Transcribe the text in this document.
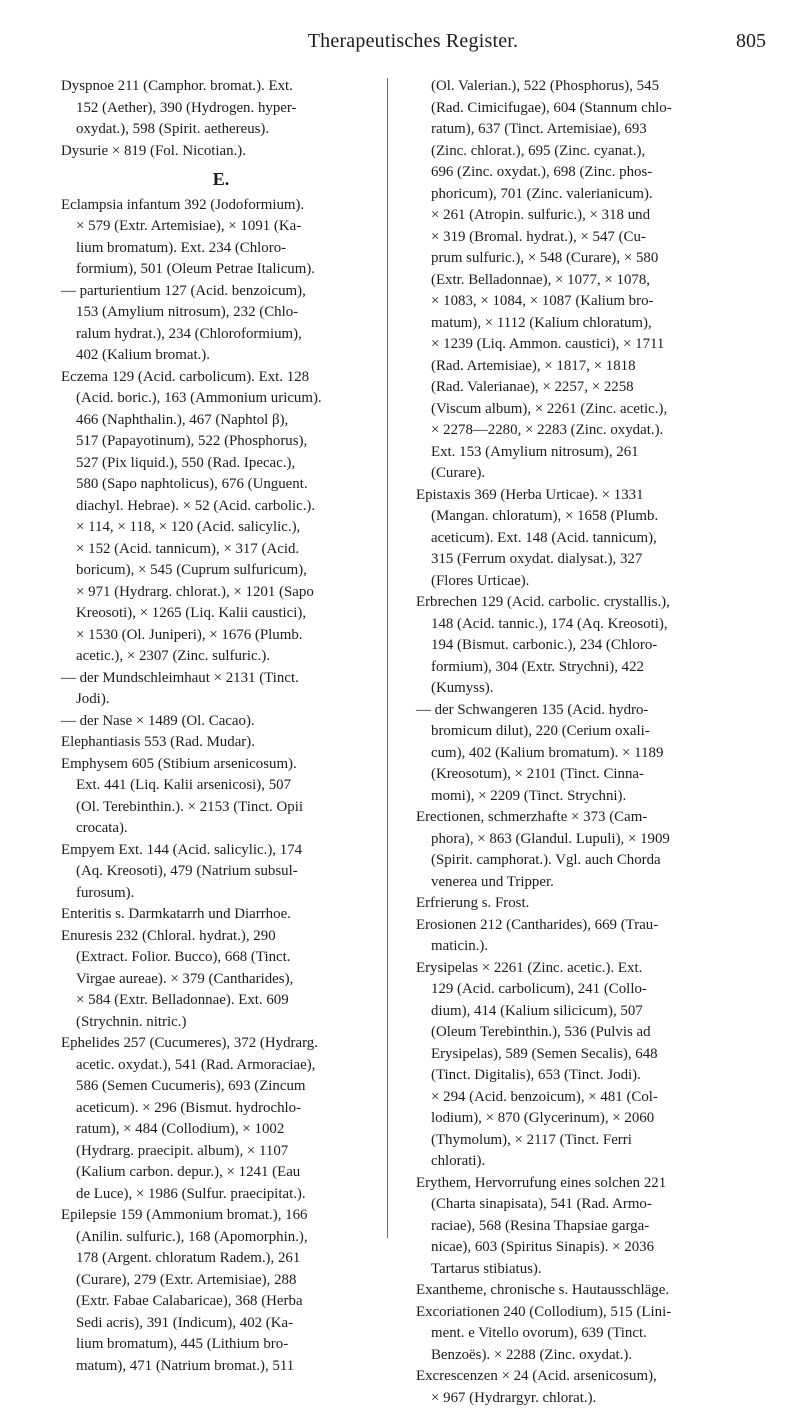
Therapeutisches Register.	805
Dyspnoe 211 (Camphor. bromat.). Ext.
152 (Aether), 390 (Hydrogen. hyper-
oxydat.), 598 (Spirit. aethereus).
Dysurie × 819 (Fol. Nicotian.).
E.
Eclampsia infantum 392 (Jodoformium).
× 579 (Extr. Artemisiae), × 1091 (Ka-
lium bromatum). Ext. 234 (Chloro-
formium), 501 (Oleum Petrae Italicum).
— parturientium 127 (Acid. benzoicum),
153 (Amylium nitrosum), 232 (Chlo-
ralum hydrat.), 234 (Chloroformium),
402 (Kalium bromat.).
Eczema 129 (Acid. carbolicum). Ext. 128
(Acid. boric.), 163 (Ammonium uricum).
466 (Naphthalin.), 467 (Naphtol β),
517 (Papayotinum), 522 (Phosphorus),
527 (Pix liquid.), 550 (Rad. Ipecac.),
580 (Sapo naphtolicus), 676 (Unguent.
diachyl. Hebrae). × 52 (Acid. carbolic.).
× 114, × 118, × 120 (Acid. salicylic.),
× 152 (Acid. tannicum), × 317 (Acid.
boricum), × 545 (Cuprum sulfuricum),
× 971 (Hydrarg. chlorat.), × 1201 (Sapo
Kreosoti), × 1265 (Liq. Kalii caustici),
× 1530 (Ol. Juniperi), × 1676 (Plumb.
acetic.), × 2307 (Zinc. sulfuric.).
— der Mundschleimhaut × 2131 (Tinct.
Jodi).
— der Nase × 1489 (Ol. Cacao).
Elephantiasis 553 (Rad. Mudar).
Emphysem 605 (Stibium arsenicosum).
Ext. 441 (Liq. Kalii arsenicosi), 507
(Ol. Terebinthin.). × 2153 (Tinct. Opii
crocata).
Empyem Ext. 144 (Acid. salicylic.), 174
(Aq. Kreosoti), 479 (Natrium subsul-
furosum).
Enteritis s. Darmkatarrh und Diarrhoe.
Enuresis 232 (Chloral. hydrat.), 290
(Extract. Folior. Bucco), 668 (Tinct.
Virgae aureae). × 379 (Cantharides),
× 584 (Extr. Belladonnae). Ext. 609
(Strychnin. nitric.)
Ephelides 257 (Cucumeres), 372 (Hydrarg.
acetic. oxydat.), 541 (Rad. Armoraciae),
586 (Semen Cucumeris), 693 (Zincum
aceticum). × 296 (Bismut. hydrochlo-
ratum), × 484 (Collodium), × 1002
(Hydrarg. praecipit. album), × 1107
(Kalium carbon. depur.), × 1241 (Eau
de Luce), × 1986 (Sulfur. praecipitat.).
Epilepsie 159 (Ammonium bromat.), 166
(Anilin. sulfuric.), 168 (Apomorphin.),
178 (Argent. chloratum Radem.), 261
(Curare), 279 (Extr. Artemisiae), 288
(Extr. Fabae Calabaricae), 368 (Herba
Sedi acris), 391 (Indicum), 402 (Ka-
lium bromatum), 445 (Lithium bro-
matum), 471 (Natrium bromat.), 511
(Ol. Valerian.), 522 (Phosphorus), 545
(Rad. Cimicifugae), 604 (Stannum chlo-
ratum), 637 (Tinct. Artemisiae), 693
(Zinc. chlorat.), 695 (Zinc. cyanat.),
696 (Zinc. oxydat.), 698 (Zinc. phos-
phoricum), 701 (Zinc. valerianicum).
× 261 (Atropin. sulfuric.), × 318 und
× 319 (Bromal. hydrat.), × 547 (Cu-
prum sulfuric.), × 548 (Curare), × 580
(Extr. Belladonnae), × 1077, × 1078,
× 1083, × 1084, × 1087 (Kalium bro-
matum), × 1112 (Kalium chloratum),
× 1239 (Liq. Ammon. caustici), × 1711
(Rad. Artemisiae), × 1817, × 1818
(Rad. Valerianae), × 2257, × 2258
(Viscum album), × 2261 (Zinc. acetic.),
× 2278—2280, × 2283 (Zinc. oxydat.).
Ext. 153 (Amylium nitrosum), 261
(Curare).
Epistaxis 369 (Herba Urticae). × 1331
(Mangan. chloratum), × 1658 (Plumb.
aceticum). Ext. 148 (Acid. tannicum),
315 (Ferrum oxydat. dialysat.), 327
(Flores Urticae).
Erbrechen 129 (Acid. carbolic. crystallis.),
148 (Acid. tannic.), 174 (Aq. Kreosoti),
194 (Bismut. carbonic.), 234 (Chloro-
formium), 304 (Extr. Strychni), 422
(Kumyss).
— der Schwangeren 135 (Acid. hydro-
bromicum dilut), 220 (Cerium oxali-
cum), 402 (Kalium bromatum). × 1189
(Kreosotum), × 2101 (Tinct. Cinna-
momi), × 2209 (Tinct. Strychni).
Erectionen, schmerzhafte × 373 (Cam-
phora), × 863 (Glandul. Lupuli), × 1909
(Spirit. camphorat.). Vgl. auch Chorda
venerea und Tripper.
Erfrierung s. Frost.
Erosionen 212 (Cantharides), 669 (Trau-
maticin.).
Erysipelas × 2261 (Zinc. acetic.). Ext.
129 (Acid. carbolicum), 241 (Collo-
dium), 414 (Kalium silicicum), 507
(Oleum Terebinthin.), 536 (Pulvis ad
Erysipelas), 589 (Semen Secalis), 648
(Tinct. Digitalis), 653 (Tinct. Jodi).
× 294 (Acid. benzoicum), × 481 (Col-
lodium), × 870 (Glycerinum), × 2060
(Thymolum), × 2117 (Tinct. Ferri
chlorati).
Erythem, Hervorrufung eines solchen 221
(Charta sinapisata), 541 (Rad. Armo-
raciae), 568 (Resina Thapsiae garga-
nicae), 603 (Spiritus Sinapis). × 2036
Tartarus stibiatus).
Exantheme, chronische s. Hautausschläge.
Excoriationen 240 (Collodium), 515 (Lini-
ment. e Vitello ovorum), 639 (Tinct.
Benzoës). × 2288 (Zinc. oxydat.).
Excrescenzen × 24 (Acid. arsenicosum),
× 967 (Hydrargyr. chlorat.).
